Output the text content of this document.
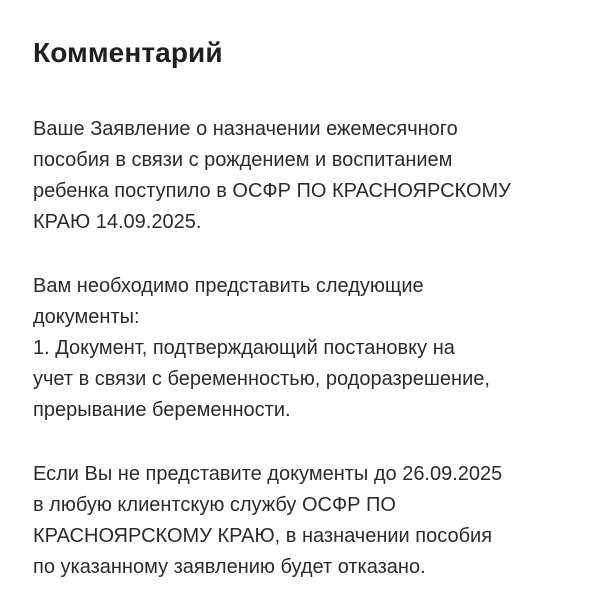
Комментарий
Ваше Заявление о назначении ежемесячного
пособия в связи с рождением и воспитанием
ребенка поступило в ОСФР ПО КРАСНОЯРСКОМУ
КРАЮ 14.09.2025.
Вам необходимо представить следующие
документы:
1. Документ, подтверждающий постановку на
учет в связи с беременностью, родоразрешение,
прерывание беременности.
Если Вы не представите документы до 26.09.2025
в любую клиентскую службу ОСФР ПО
КРАСНОЯРСКОМУ КРАЮ, в назначении пособия
по указанному заявлению будет отказано.
